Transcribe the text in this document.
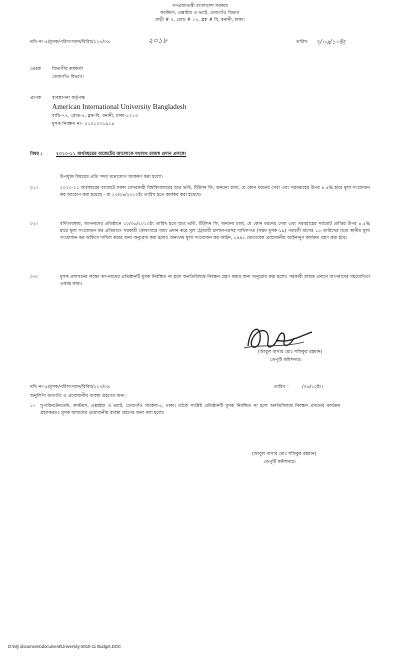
গণপ্রজাতন্ত্রী বাংলাদেশ সরকার
কাস্টমস, এক্সাইজ ও ভ্যাট, ঢেজগাঁও বিভাগ
বাড়ী # ৭, রোড # ১৭, ব্লক # বি, বনানী, ঢাকা।
নথি নং-৪/মূসক/পরিসংখ্যান/বিবিধ/২২৭/০৯	২০১৮	তারিখ ৭/০৬/১০ইং
প্রেরক বিভাগীয় কর্মকর্তা
তেজগাঁও বিভাগ।
প্রাপক ব্যবস্থাপনা কর্তৃপক্ষ
American International University Bangladesh
বাড়ি-৭৭, রোড-৪, ব্লক-বি, বনানী, ঢাকা-১২১৩
মূসক নিবন্ধন নং- ৫১০১০৩১৯১৪
বিষয় :	২০১০-১১ অর্থবছরের বাজেটের আলোকে যথাযথ রাজস্ব প্রদান প্রসঙ্গে।
উপর্যুক্ত বিষয়ের প্রতি সদয় মনোযোগ আকর্ষণ করা হলো।
০১।	২০১০-১১ অর্থবছরের বাজেটে সকল বেসরকারী বিশ্ববিদ্যালয়ের ছাত্র ভর্তি, টিউশন ফি, অন্যান্য চার্জ, যে কোন ধরনের সেবা এবং সরবরাহের উপর ৪.৫% হারে মূল্য সংযোজন কর আরোপ করা হয়েছে - যা ১০/০৬/২০১০ইং তারিখ হতে কার্যকর করা হয়েছে।
০২।	বর্ণিতাবস্থায়, আপনাদের প্রতিষ্ঠানে ১০/০৬/২০১০ইং তারিখ হতে ছাত্র ভর্তি, টিউশন ফি, অন্যান্য চার্জ, যে কোন ধরনের সেবা এবং সরবরাহের সর্বমোট প্রাপ্তির উপর ৪.৫% হারে মূল্য সংযোজন কর প্রতিমাসে সরকারী কোষাগারে জমা প্রদান করে মূল ট্রেজারী চালানপত্রসহ দাখিলপত্র (ফরম মূসক-১৯) পরবর্তী মাসের ১৫ তারিখের মধ্যে স্থানীয় মূল্য সংযোজন কর অফিসে দাখিল করার জন্য অনুরোধ করা হলো। অন্যথায় মূল্য সংযোজন কর আইন, ১৯৯১ মোতাবেক প্রয়োজনীয় আইনানুগ কার্যক্রম গ্রহণ করা হবে।
০৩।	মূসক প্রশাসনের লক্ষ্যে আপনাদের প্রতিষ্ঠানটি মূসক নিবন্ধিত না হলে অনতিবিলম্বে নিবন্ধন গ্রহণ করার জন্য অনুরোধ করা হলো। সরকারী রাজস্ব প্রদানে আপনাদের সহযোগিতা একান্ত কাম্য।
(আবুল বাসার মোঃ শফিকুর রহমান)
ডেপুটি কমিশনার।
নথি নং-৪/মূসক/পরিসংখ্যান/বিবিধ/২২৭/০৯	তারিখ :	/০৬/১০ইং।
অনুলিপি অবগতি ও প্রয়োজনীয় ব্যবস্থা গ্রহণের জন্য :
১। সুপারিনটেনডেন্ট, কাস্টমস, এক্সাইজ ও ভ্যাট, তেজগাঁও সার্কেল-৫, ঢাকা। তাঁকে সংশ্লিষ্ট প্রতিষ্ঠানটি মূসক নিবন্ধিত না হলে অনতিবিলম্বে নিবন্ধন প্রদানের কার্যক্রম গ্রহণকরতঃ মূসক আদায়ের প্রয়োজনীয় ব্যবস্থা গ্রহণের জন্য বলা হলো।
(আবুল বাসার মোঃ শফিকুর রহমান)
ডেপুটি কমিশনার।
D:\My documents\document\University-2010-11 Budget.DOC
